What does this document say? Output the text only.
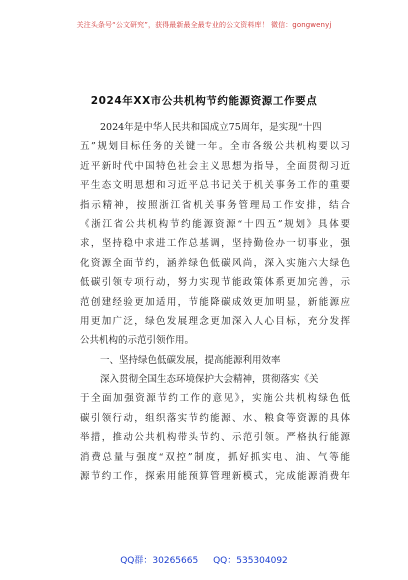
关注头条号“公文研究”，获得最新最全最专业的公文资料库！ 微信：gongwenyj
2024年XX市公共机构节约能源资源工作要点
2024年是中华人民共和国成立75周年，是实现“十四
五”规划目标任务的关键一年。全市各级公共机构要以习
近平新时代中国特色社会主义思想为指导，全面贯彻习近
平生态文明思想和习近平总书记关于机关事务工作的重要
指示精神，按照浙江省机关事务管理局工作安排，结合
《浙江省公共机构节约能源资源“十四五”规划》具体要
求，坚持稳中求进工作总基调，坚持勤俭办一切事业，强
化资源全面节约，涵养绿色低碳风尚，深入实施六大绿色
低碳引领专项行动，努力实现节能政策体系更加完善，示
范创建经验更加适用，节能降碳成效更加明显，新能源应
用更加广泛，绿色发展理念更加深入人心目标，充分发挥
公共机构的示范引领作用。
一、坚持绿色低碳发展，提高能源利用效率
深入贯彻全国生态环境保护大会精神，贯彻落实《关
于全面加强资源节约工作的意见》，实施公共机构绿色低
碳引领行动，组织落实节约能源、水、粮食等资源的具体
举措，推动公共机构带头节约、示范引领。严格执行能源
消费总量与强度“双控”制度，抓好抓实电、油、气等能
源节约工作，探索用能预算管理新模式，完成能源消费年
QQ群：30265665 QQ：535304092
